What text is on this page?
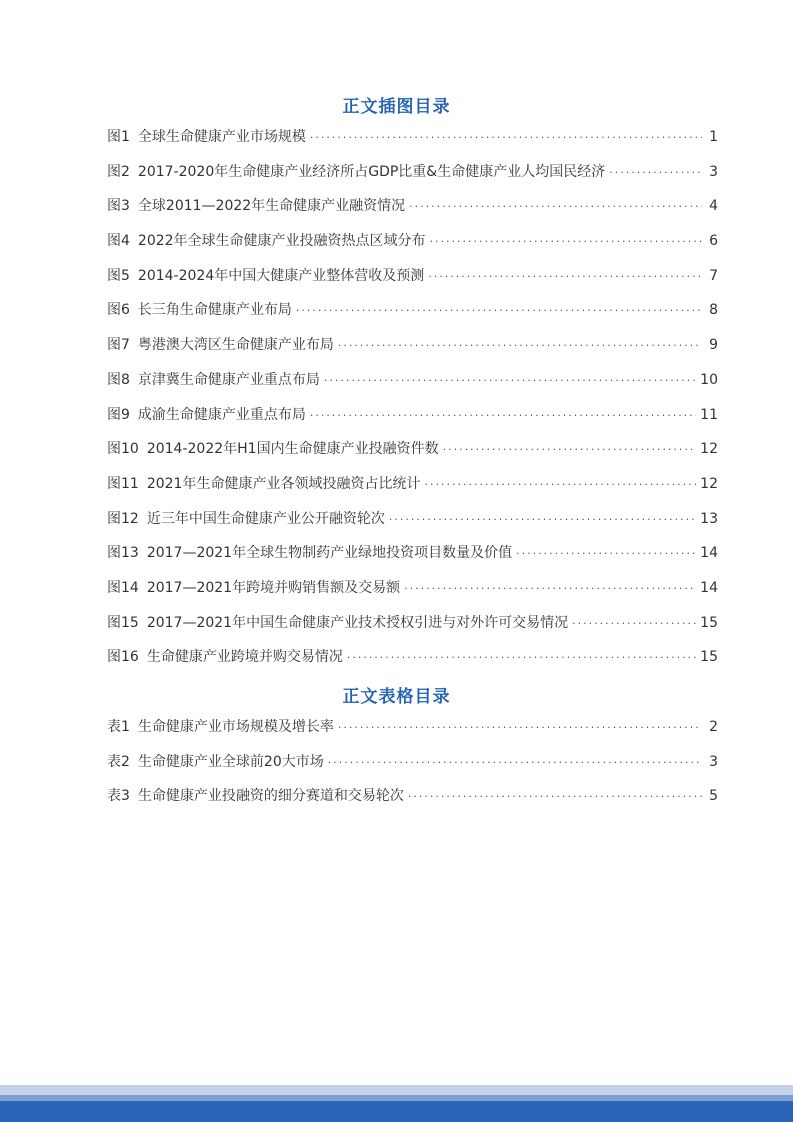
正文插图目录
图1 全球生命健康产业市场规模 ·····	1
图2 2017-2020年生命健康产业经济所占GDP比重&生命健康产业人均国民经济 ·····	3
图3 全球2011—2022年生命健康产业融资情况 ·····	4
图4 2022年全球生命健康产业投融资热点区域分布 ·····	6
图5 2014-2024年中国大健康产业整体营收及预测 ·····	7
图6 长三角生命健康产业布局 ·····	8
图7 粤港澳大湾区生命健康产业布局 ·····	9
图8 京津冀生命健康产业重点布局 ·····	10
图9 成渝生命健康产业重点布局 ·····	11
图10 2014-2022年H1国内生命健康产业投融资件数 ·····	12
图11 2021年生命健康产业各领域投融资占比统计 ·····	12
图12 近三年中国生命健康产业公开融资轮次 ·····	13
图13 2017—2021年全球生物制药产业绿地投资项目数量及价值 ·····	14
图14 2017—2021年跨境并购销售额及交易额 ·····	14
图15 2017—2021年中国生命健康产业技术授权引进与对外许可交易情况 ·····	15
图16 生命健康产业跨境并购交易情况 ·····	15
正文表格目录
表1 生命健康产业市场规模及增长率 ·····	2
表2 生命健康产业全球前20大市场 ·····	3
表3 生命健康产业投融资的细分赛道和交易轮次 ·····	5
